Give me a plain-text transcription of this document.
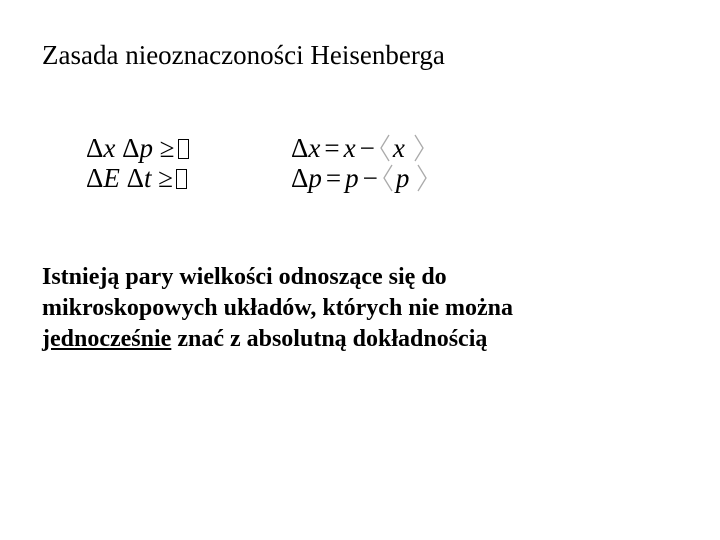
Zasada nieoznaczoności Heisenberga
Δx Δp ≥
ΔE Δt ≥
Δx = x − x
Δp = p − p
Istnieją pary wielkości odnoszące się do
mikroskopowych układów, których nie można
jednocześnie znać z absolutną dokładnością
